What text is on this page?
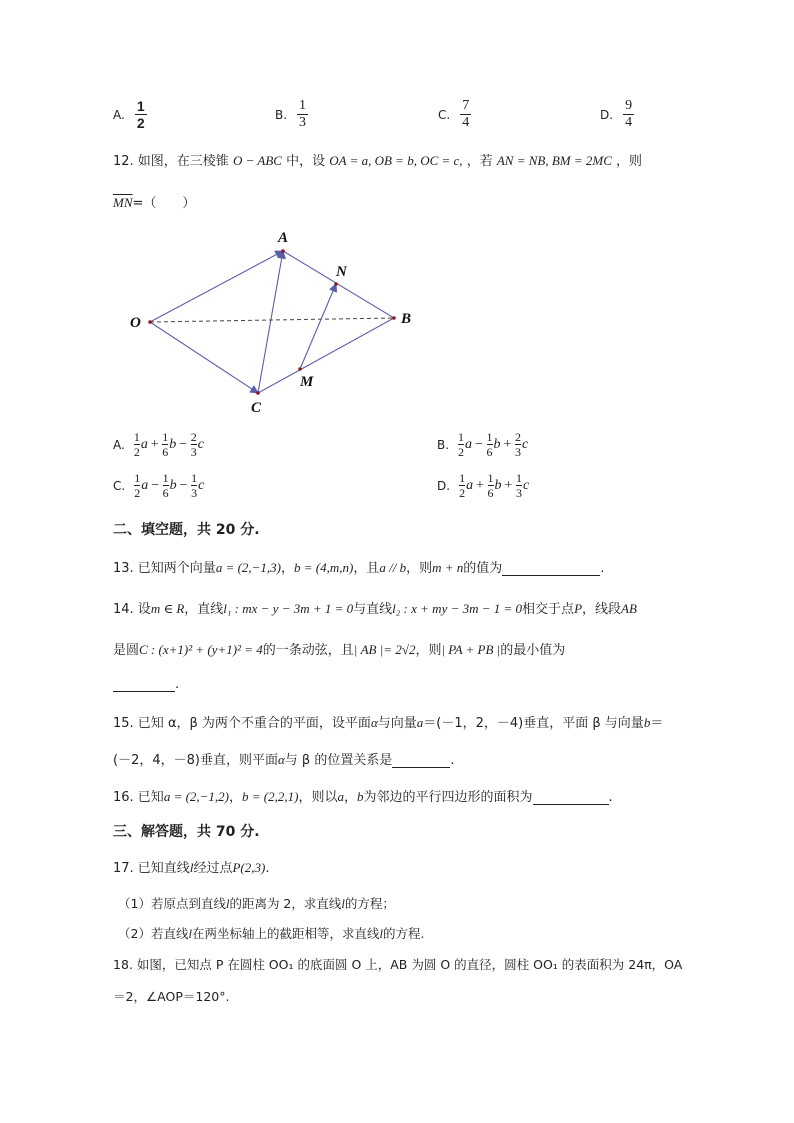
A. $\frac{1}{2}$	B. $\frac{1}{3}$	C. $\frac{7}{4}$	D. $\frac{9}{4}$
12. 如图，在三棱锥 O − ABC 中，设 OA = a, OB = b, OC = c, ，若 AN = NB, BM = 2MC ，则
$\overline{MN}=$（　　）
O
A
B
C
N
M
A.
1
2
$a + \frac{1}{6}$ $b - \frac{2}{3}$ c	B.
1
2
$a - \frac{1}{6}$ $b + \frac{2}{3}$ c
C.
1
2
$a - \frac{1}{6}$ $b - \frac{1}{3}$ c	D.
1
2
$a + \frac{1}{6}$ $b + \frac{1}{3}$ c
二、填空题，共 20 分.
13. 已知两个向量a = (2,−1,3)，b = (4,m,n)，且a // b，则m + n的值为	.
14. 设m ∈ R，直线l₁ : mx − y − 3m + 1 = 0与直线l₂ : x + my − 3m − 1 = 0相交于点P，线段AB
是圆C : (x+1)² + (y+1)² = 4的一条动弦，且| AB |= 2√2，则| PA + PB |的最小值为
.
15. 已知 α，β 为两个不重合的平面，设平面α与向量a＝(－1，2，－4)垂直，平面 β 与向量b＝
(－2，4，－8)垂直，则平面α与 β 的位置关系是	.
16. 已知a = (2,−1,2)，b = (2,2,1)，则以a，b为邻边的平行四边形的面积为	.
三、解答题，共 70 分.
17. 已知直线l经过点P(2,3).
（1）若原点到直线l的距离为 2，求直线l的方程；
（2）若直线l在两坐标轴上的截距相等，求直线l的方程.
18. 如图，已知点 P 在圆柱 OO₁ 的底面圆 O 上，AB 为圆 O 的直径，圆柱 OO₁ 的表面积为 24π，OA
＝2，∠AOP＝120°.
